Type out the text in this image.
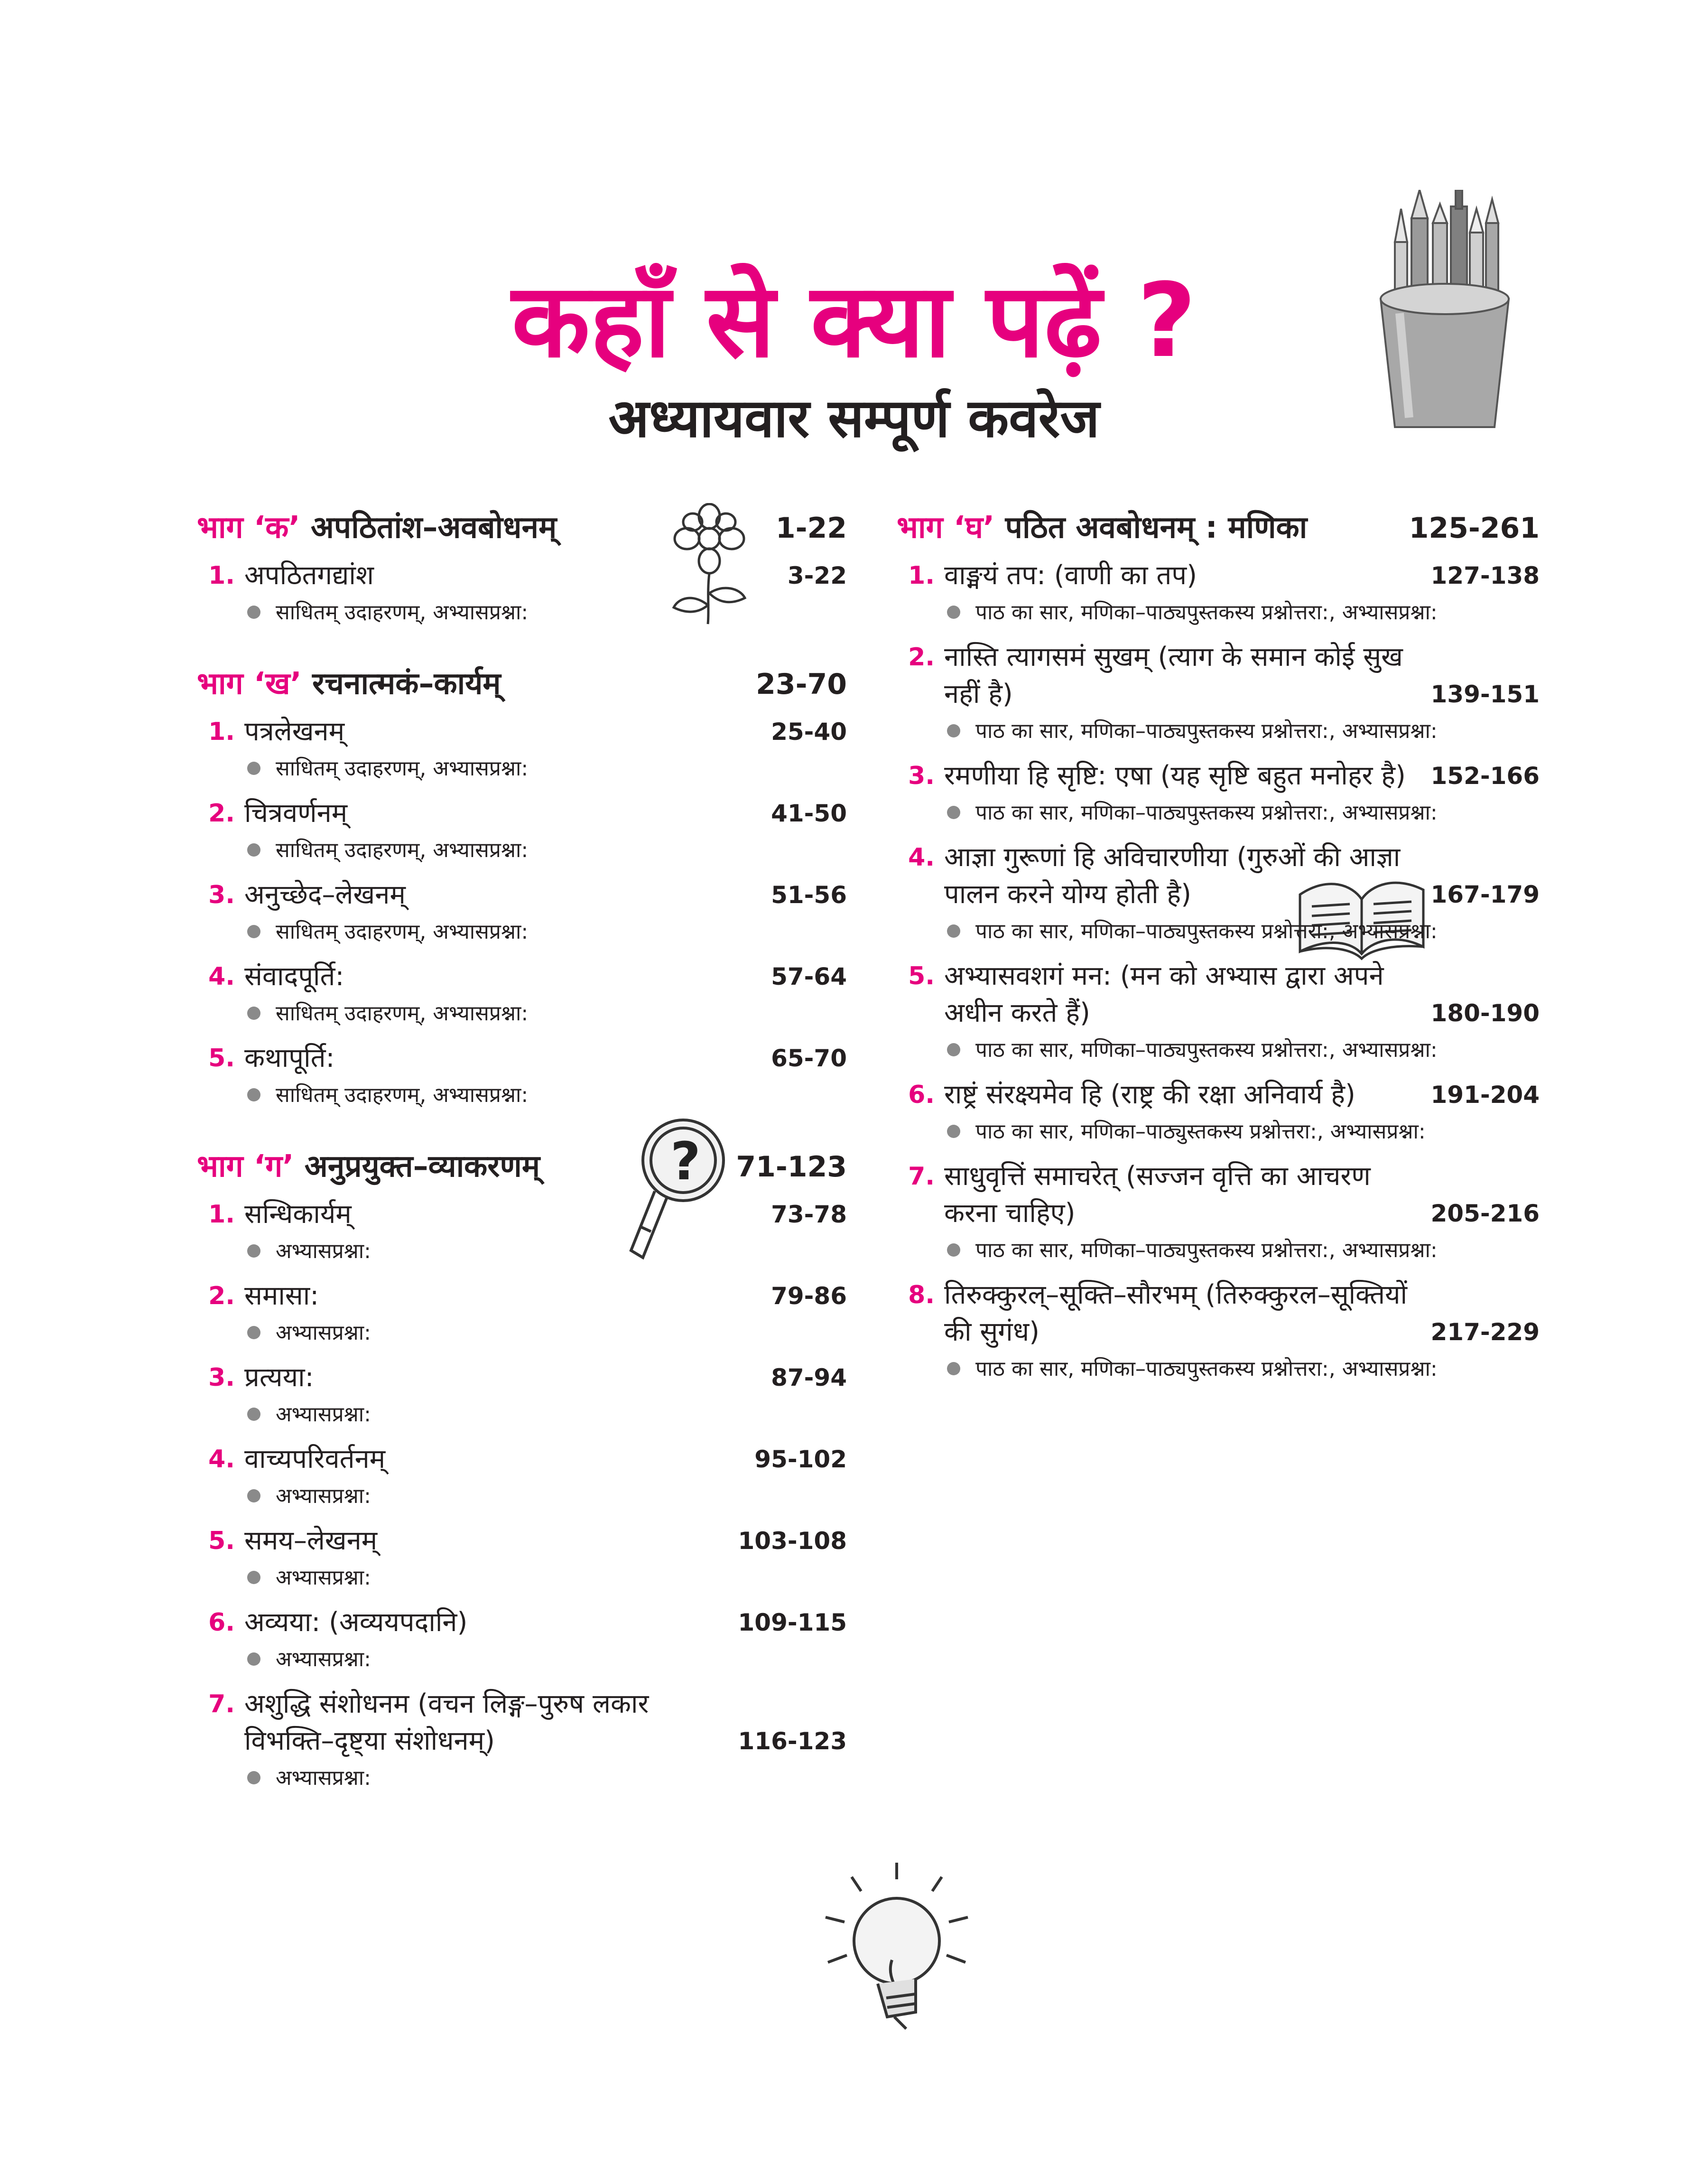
कहाँ से क्या पढ़ें ?
अध्यायवार सम्पूर्ण कवरेज
?
भाग ‘क’ अपठितांश–अवबोधनम्	1-22
1. अपठितगद्यांश	3-22
साधितम् उदाहरणम्, अभ्यासप्रश्ना:
भाग ‘ख’ रचनात्मकं–कार्यम्	23-70
1. पत्रलेखनम्	25-40
साधितम् उदाहरणम्, अभ्यासप्रश्ना:
2. चित्रवर्णनम्	41-50
साधितम् उदाहरणम्, अभ्यासप्रश्ना:
3. अनुच्छेद–लेखनम्	51-56
साधितम् उदाहरणम्, अभ्यासप्रश्ना:
4. संवादपूर्ति:	57-64
साधितम् उदाहरणम्, अभ्यासप्रश्ना:
5. कथापूर्ति:	65-70
साधितम् उदाहरणम्, अभ्यासप्रश्ना:
भाग ‘ग’ अनुप्रयुक्त–व्याकरणम्	71-123
1. सन्धिकार्यम्	73-78
अभ्यासप्रश्ना:
2. समासा:	79-86
अभ्यासप्रश्ना:
3. प्रत्यया:	87-94
अभ्यासप्रश्ना:
4. वाच्यपरिवर्तनम्	95-102
अभ्यासप्रश्ना:
5. समय–लेखनम्	103-108
अभ्यासप्रश्ना:
6. अव्यया: (अव्ययपदानि)	109-115
अभ्यासप्रश्ना:
7. अशुद्धि संशोधनम (वचन लिङ्ग–पुरुष लकार विभक्ति–दृष्ट्या संशोधनम्)	116-123
अभ्यासप्रश्ना:
भाग ‘घ’ पठित अवबोधनम् : मणिका	125-261
1. वाङ्मयं तप: (वाणी का तप)	127-138
पाठ का सार, मणिका–पाठ्यपुस्तकस्य प्रश्नोत्तरा:, अभ्यासप्रश्ना:
2. नास्ति त्यागसमं सुखम् (त्याग के समान कोई सुख नहीं है)	139-151
पाठ का सार, मणिका–पाठ्यपुस्तकस्य प्रश्नोत्तरा:, अभ्यासप्रश्ना:
3. रमणीया हि सृष्टि: एषा (यह सृष्टि बहुत मनोहर है)	152-166
पाठ का सार, मणिका–पाठ्यपुस्तकस्य प्रश्नोत्तरा:, अभ्यासप्रश्ना:
4. आज्ञा गुरूणां हि अविचारणीया (गुरुओं की आज्ञा पालन करने योग्य होती है)	167-179
पाठ का सार, मणिका–पाठ्यपुस्तकस्य प्रश्नोत्तरा:, अभ्यासप्रश्ना:
5. अभ्यासवशगं मन: (मन को अभ्यास द्वारा अपने अधीन करते हैं)	180-190
पाठ का सार, मणिका–पाठ्यपुस्तकस्य प्रश्नोत्तरा:, अभ्यासप्रश्ना:
6. राष्ट्रं संरक्ष्यमेव हि (राष्ट्र की रक्षा अनिवार्य है)	191-204
पाठ का सार, मणिका–पाठ्युस्तकस्य प्रश्नोत्तरा:, अभ्यासप्रश्ना:
7. साधुवृत्तिं समाचरेत् (सज्जन वृत्ति का आचरण करना चाहिए)	205-216
पाठ का सार, मणिका–पाठ्यपुस्तकस्य प्रश्नोत्तरा:, अभ्यासप्रश्ना:
8. तिरुक्कुरल्–सूक्ति–सौरभम् (तिरुक्कुरल–सूक्तियों की सुगंध)	217-229
पाठ का सार, मणिका–पाठ्यपुस्तकस्य प्रश्नोत्तरा:, अभ्यासप्रश्ना:
